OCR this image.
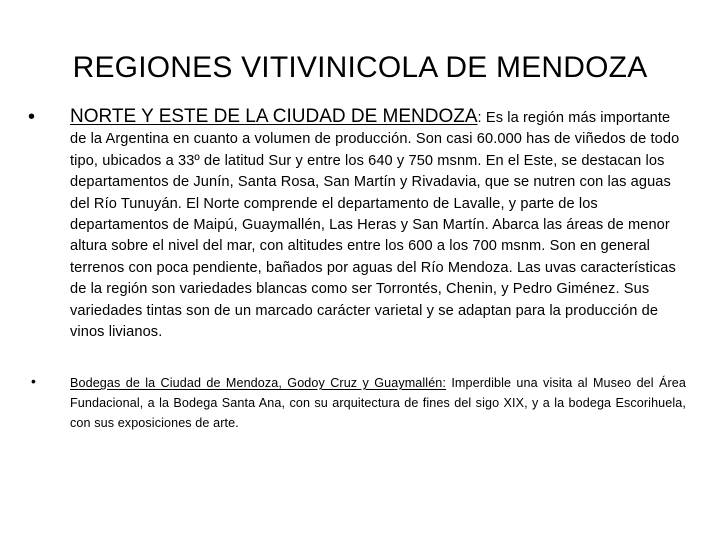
REGIONES VITIVINICOLA DE MENDOZA
• NORTE Y ESTE DE LA CIUDAD DE MENDOZA: Es la región más importante de la Argentina en cuanto a volumen de producción. Son casi 60.000 has de viñedos de todo tipo, ubicados a 33º de latitud Sur y entre los 640 y 750 msnm. En el Este, se destacan los departamentos de Junín, Santa Rosa, San Martín y Rivadavia, que se nutren con las aguas del Río Tunuyán. El Norte comprende el departamento de Lavalle, y parte de los departamentos de Maipú, Guaymallén, Las Heras y San Martín. Abarca las áreas de menor altura sobre el nivel del mar, con altitudes entre los 600 a los 700 msnm. Son en general terrenos con poca pendiente, bañados por aguas del Río Mendoza. Las uvas características de la región son variedades blancas como ser Torrontés, Chenin, y Pedro Giménez. Sus variedades tintas son de un marcado carácter varietal y se adaptan para la producción de vinos livianos.
•	Bodegas de la Ciudad de Mendoza, Godoy Cruz y Guaymallén: Imperdible una visita al Museo del Área Fundacional, a la Bodega Santa Ana, con su arquitectura de fines del sigo XIX, y a la bodega Escorihuela, con sus exposiciones de arte.
